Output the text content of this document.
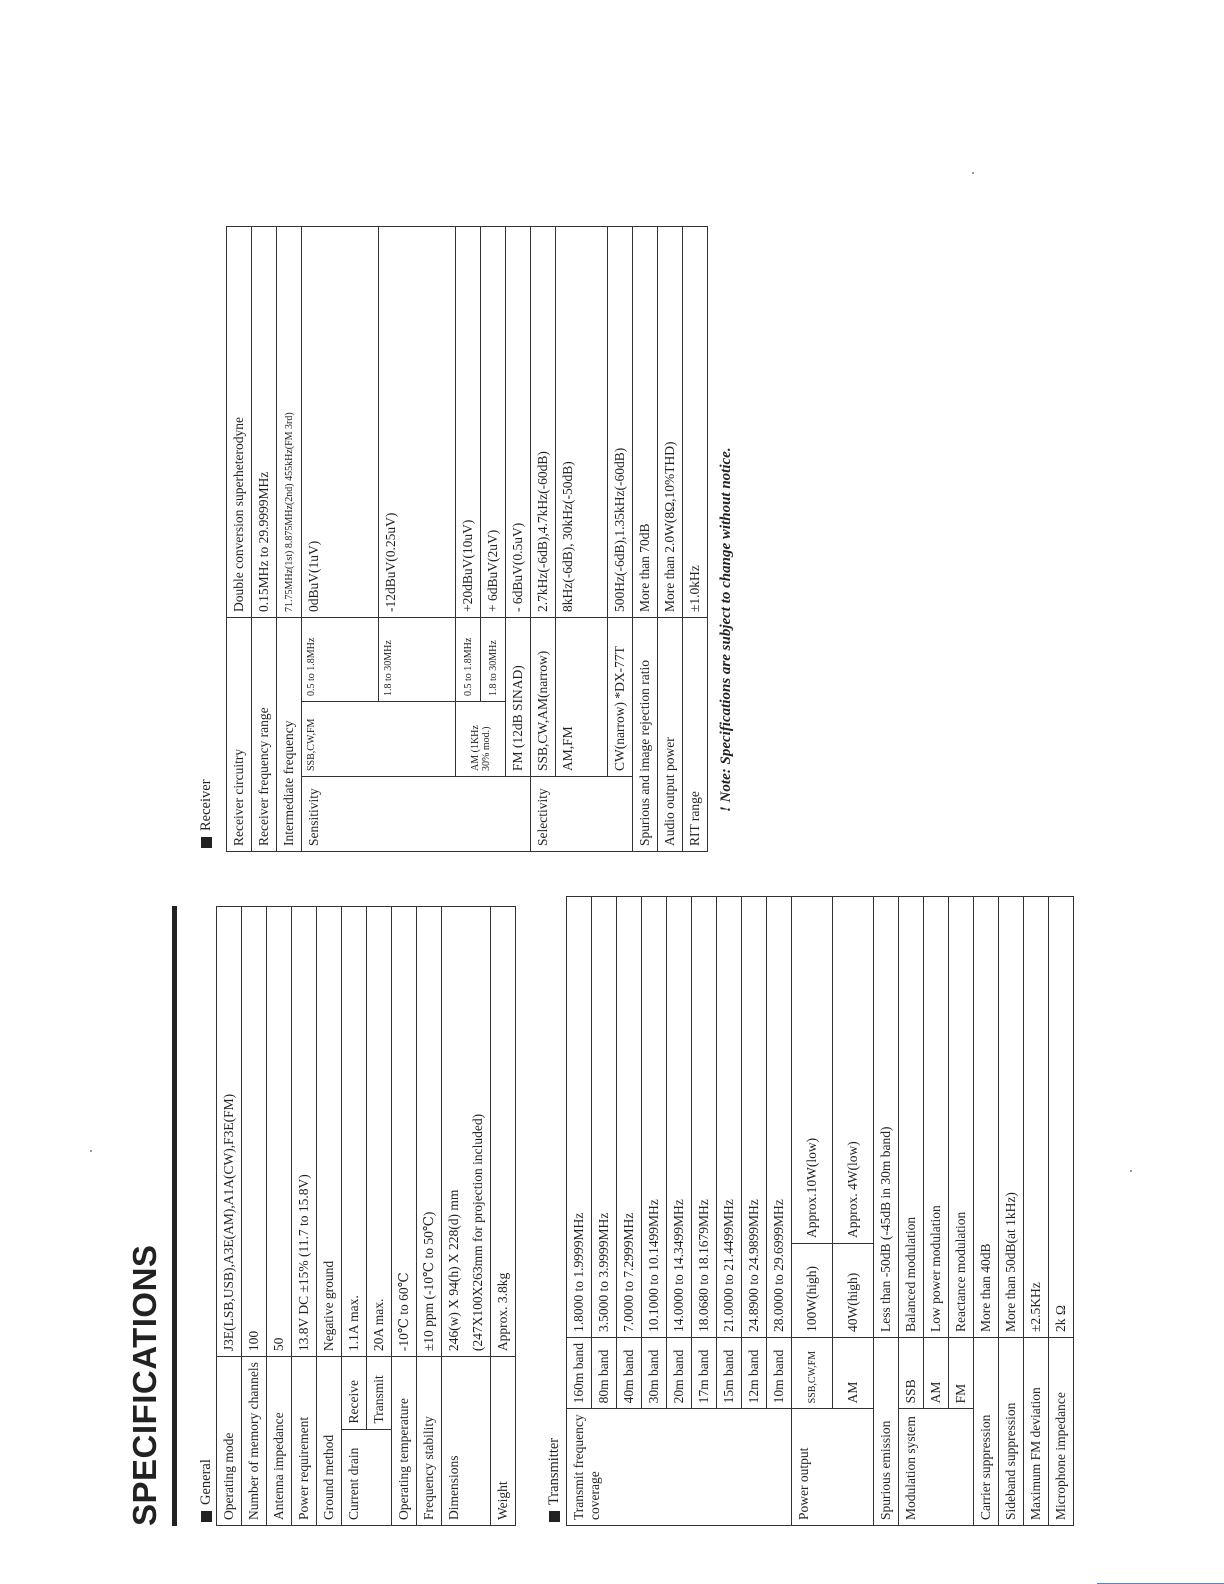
SPECIFICATIONS General Operating mode		J3E(LSB,USB),A3E(AM),A1A(CW),F3E(FM)
Number of memory channels		100
Antenna impedance		50
Power requirement		13.8V DC ±15% (11.7 to 15.8V)
Ground method		Negative ground
Current drain	Receive	1.1A max.
	Transmit	20A max.
Operating temperature		-10℃ to 60℃
Frequency stability		±10 ppm (-10℃ to 50℃)
Dimensions		246(w) X 94(h) X 228(d) mm
		(247X100X263mm for projection included)
Weight		Approx. 3.8kg
Transmitter Transmit frequency coverage	160m band	1.8000 to 1.9999MHz	
	80m band	3.5000 to 3.9999MHz	
	40m band	7.0000 to 7.2999MHz	
	30m band	10.1000 to 10.1499MHz	
	20m band	14.0000 to 14.3499MHz	
	17m band	18.0680 to 18.1679MHz	
	15m band	21.0000 to 21.4499MHz	
	12m band	24.8900 to 24.9899MHz	
	10m band	28.0000 to 29.6999MHz	
Power output	SSB,CW,FM	100W(high)	Approx.10W(low)
	AM	40W(high)	Approx. 4W(low)
Spurious emission		Less than -50dB (-45dB in 30m band)	
Modulation system	SSB	Balanced modulation	
	AM	Low power modulation	
	FM	Reactance modulation	
Carrier suppression		More than 40dB	
Sideband suppression		More than 50dB(at 1kHz)	
Maximum FM deviation		±2.5KHz	
Microphone impedance		2k Ω	
Receiver Receiver circuitry			Double conversion superheterodyne
Receiver frequency range			0.15MHz to 29.9999MHz
Intermediate frequency			71.75MHz(1st) 8.875MHz(2nd) 455kHz(FM 3rd)
Sensitivity	SSB,CW,FM	0.5 to 1.8MHz	0dBuV(1uV)
		1.8 to 30MHz	-12dBuV(0.25uV)

	AM (1KHz 30% mod.)	0.5 to 1.8MHz	+20dBuV(10uV)
		1.8 to 30MHz	+ 6dBuV(2uV)
	FM (12dB SINAD)		- 6dBuV(0.5uV)
Selectivity	SSB,CW,AM(narrow)		2.7kHz(-6dB),4.7kHz(-60dB)
	AM,FM		8kHz(-6dB), 30kHz(-50dB)
	CW(narrow) *DX-77T		500Hz(-6dB),1.35kHz(-60dB)
Spurious and image rejection ratio			More than 70dB
Audio output power			More than 2.0W(8Ω,10%THD)
RIT range			±1.0kHz ! Note: Specifications are subject to change without notice.
